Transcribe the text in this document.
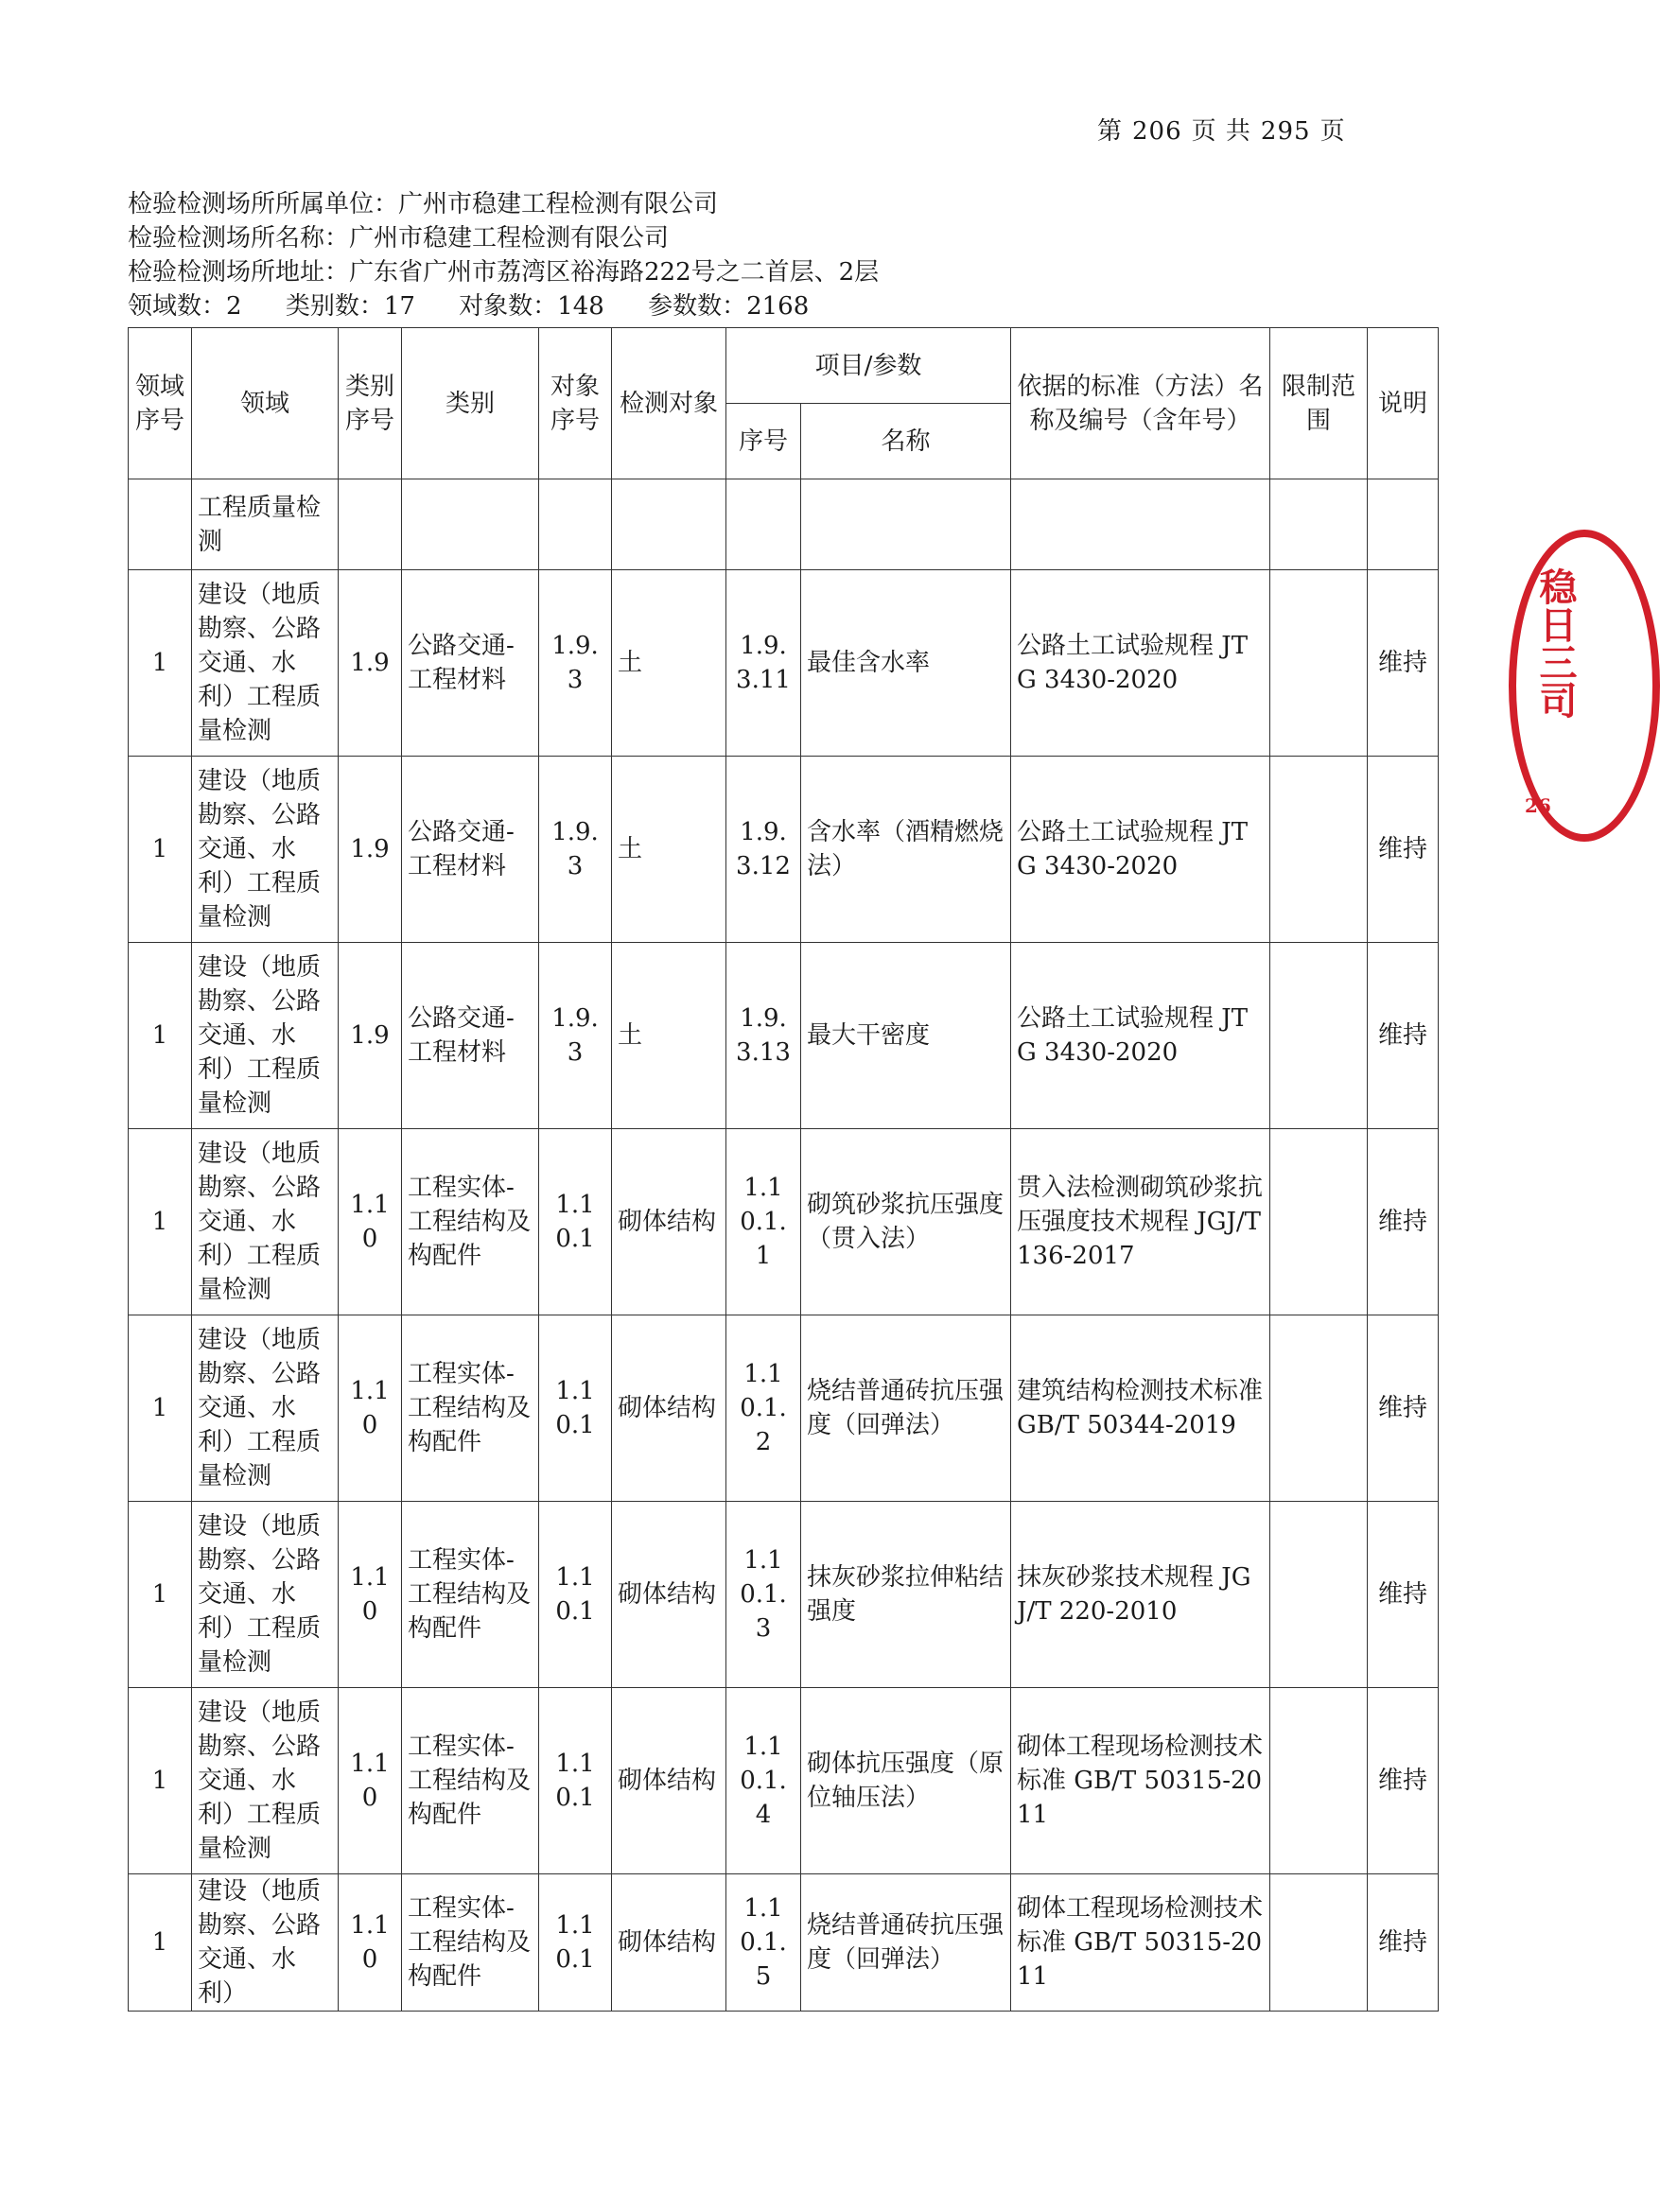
第 206 页 共 295 页
检验检测场所所属单位：广州市稳建工程检测有限公司
检验检测场所名称：广州市稳建工程检测有限公司
检验检测场所地址：广东省广州市荔湾区裕海路222号之二首层、2层
领域数：2 类别数：17 对象数：148 参数数：2168
领域序号	领域	类别序号	类别	对象序号	检测对象	项目/参数		依据的标准（方法）名称及编号（含年号）	限制范围	说明
						序号	名称			
	工程质量检测									
1	建设（地质勘察、公路交通、水利）工程质量检测	1.9	公路交通-工程材料	1.9.3	土	1.9.3.11	最佳含水率	公路土工试验规程 JTG 3430-2020		维持
1	建设（地质勘察、公路交通、水利）工程质量检测	1.9	公路交通-工程材料	1.9.3	土	1.9.3.12	含水率（酒精燃烧法）	公路土工试验规程 JTG 3430-2020		维持
1	建设（地质勘察、公路交通、水利）工程质量检测	1.9	公路交通-工程材料	1.9.3	土	1.9.3.13	最大干密度	公路土工试验规程 JTG 3430-2020		维持
1	建设（地质勘察、公路交通、水利）工程质量检测	1.10	工程实体-工程结构及构配件	1.10.1	砌体结构	1.10.1.1	砌筑砂浆抗压强度（贯入法）	贯入法检测砌筑砂浆抗压强度技术规程 JGJ/T 136-2017		维持
1	建设（地质勘察、公路交通、水利）工程质量检测	1.10	工程实体-工程结构及构配件	1.10.1	砌体结构	1.10.1.2	烧结普通砖抗压强度（回弹法）	建筑结构检测技术标准 GB/T 50344-2019		维持
1	建设（地质勘察、公路交通、水利）工程质量检测	1.10	工程实体-工程结构及构配件	1.10.1	砌体结构	1.10.1.3	抹灰砂浆拉伸粘结强度	抹灰砂浆技术规程 JGJ/T 220-2010		维持
1	建设（地质勘察、公路交通、水利）工程质量检测	1.10	工程实体-工程结构及构配件	1.10.1	砌体结构	1.10.1.4	砌体抗压强度（原位轴压法）	砌体工程现场检测技术标准 GB/T 50315-2011		维持
1	建设（地质勘察、公路交通、水利）	1.10	工程实体-工程结构及构配件	1.10.1	砌体结构	1.10.1.5	烧结普通砖抗压强度（回弹法）	砌体工程现场检测技术标准 GB/T 50315-2011		维持
稳日三司
26
